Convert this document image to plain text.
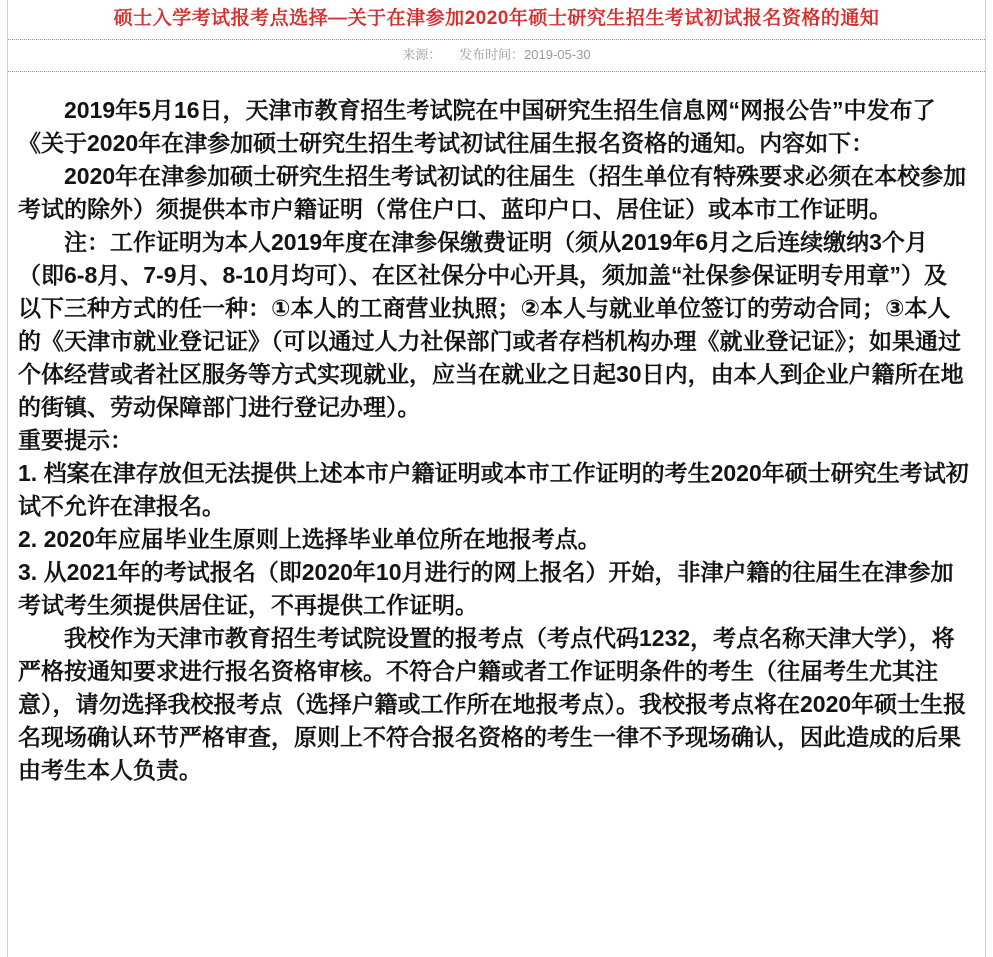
硕士入学考试报考点选择—关于在津参加2020年硕士研究生招生考试初试报名资格的通知
来源： 发布时间：2019-05-30

2019年5月16日，天津市教育招生考试院在中国研究生招生信息网“网报公告”中发布了《关于2020年在津参加硕士研究生招生考试初试往届生报名资格的通知。内容如下：

2020年在津参加硕士研究生招生考试初试的往届生（招生单位有特殊要求必须在本校参加考试的除外）须提供本市户籍证明（常住户口、蓝印户口、居住证）或本市工作证明。

注：工作证明为本人2019年度在津参保缴费证明（须从2019年6月之后连续缴纳3个月（即6-8月、7-9月、8-10月均可）、在区社保分中心开具，须加盖“社保参保证明专用章”）及以下三种方式的任一种：①本人的工商营业执照；②本人与就业单位签订的劳动合同；③本人的《天津市就业登记证》（可以通过人力社保部门或者存档机构办理《就业登记证》；如果通过个体经营或者社区服务等方式实现就业，应当在就业之日起30日内，由本人到企业户籍所在地的街镇、劳动保障部门进行登记办理）。

重要提示：

1. 档案在津存放但无法提供上述本市户籍证明或本市工作证明的考生2020年硕士研究生考试初试不允许在津报名。

2. 2020年应届毕业生原则上选择毕业单位所在地报考点。

3. 从2021年的考试报名（即2020年10月进行的网上报名）开始，非津户籍的往届生在津参加考试考生须提供居住证，不再提供工作证明。

我校作为天津市教育招生考试院设置的报考点（考点代码1232，考点名称天津大学），将严格按通知要求进行报名资格审核。不符合户籍或者工作证明条件的考生（往届考生尤其注意），请勿选择我校报考点（选择户籍或工作所在地报考点）。我校报考点将在2020年硕士生报名现场确认环节严格审查，原则上不符合报名资格的考生一律不予现场确认，因此造成的后果由考生本人负责。
